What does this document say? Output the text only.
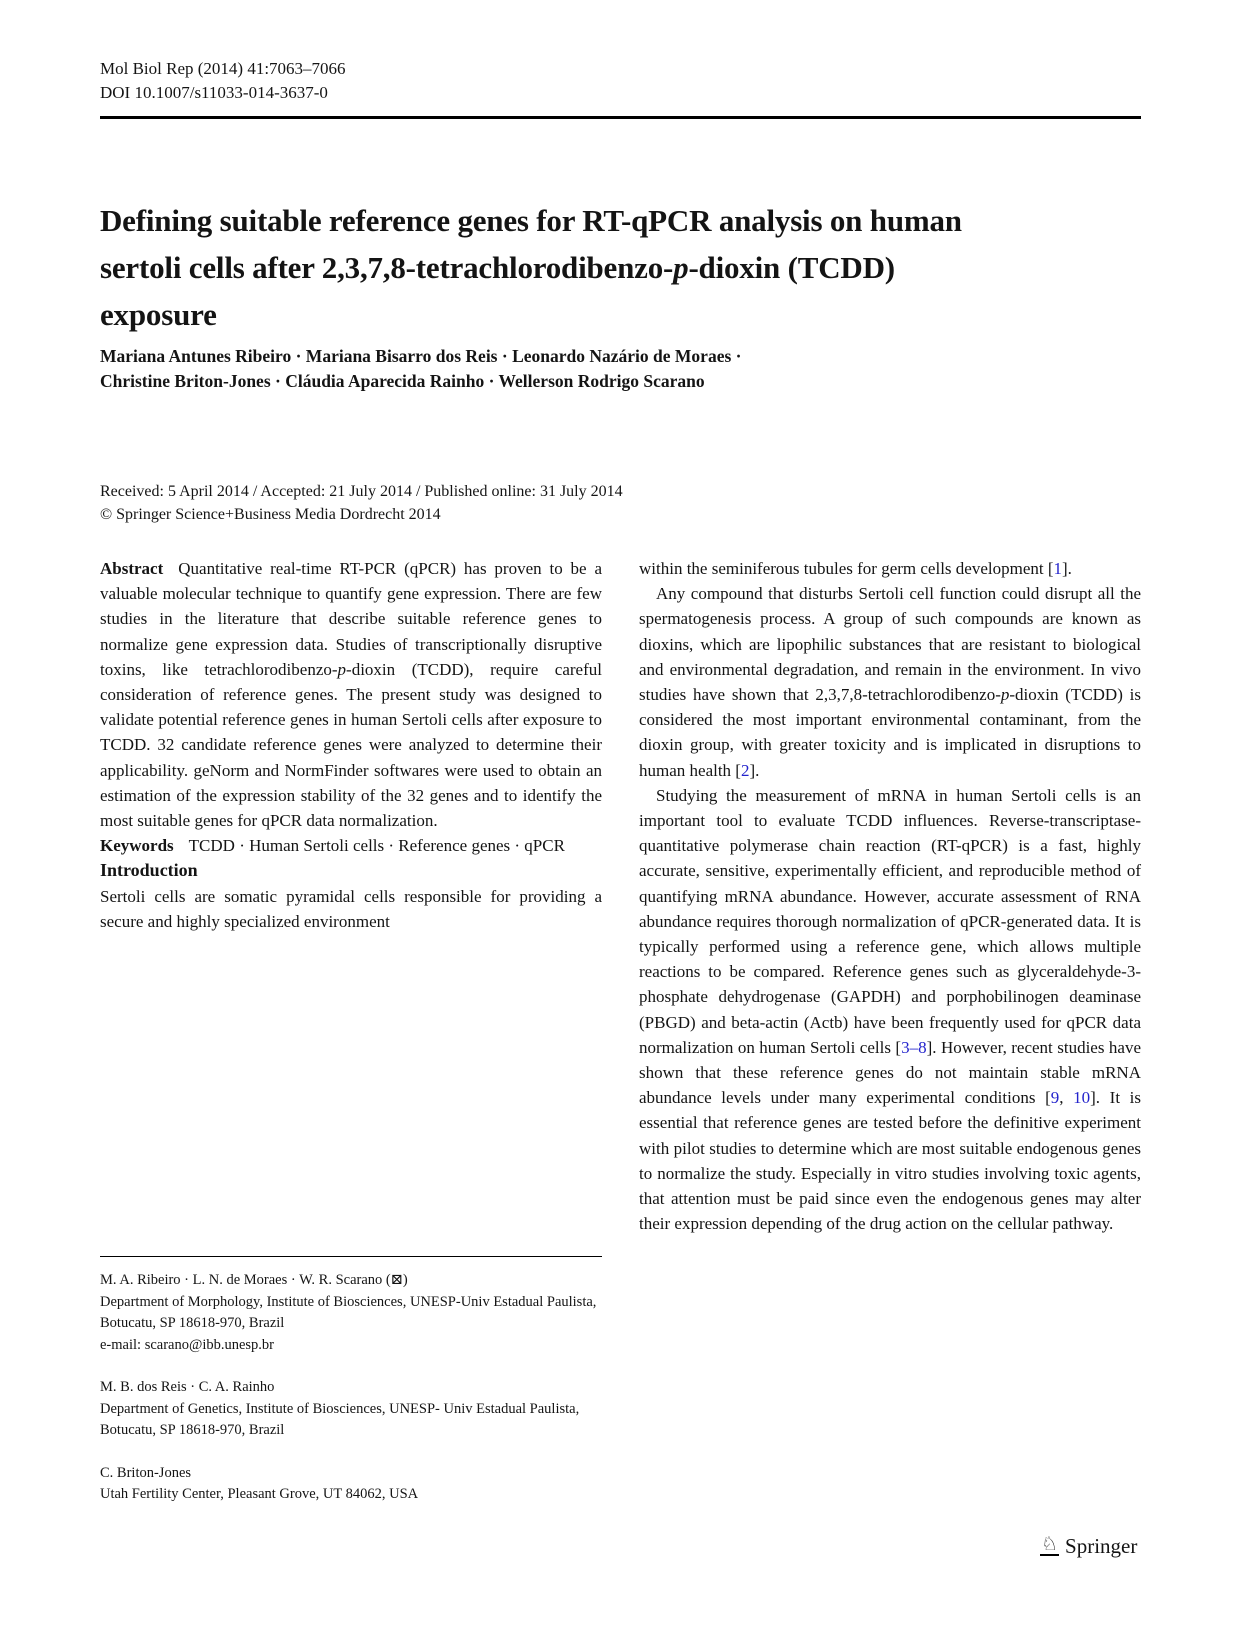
Mol Biol Rep (2014) 41:7063–7066
DOI 10.1007/s11033-014-3637-0
Defining suitable reference genes for RT-qPCR analysis on human
sertoli cells after 2,3,7,8-tetrachlorodibenzo-p-dioxin (TCDD)
exposure
Mariana Antunes Ribeiro · Mariana Bisarro dos Reis · Leonardo Nazário de Moraes ·
Christine Briton-Jones · Cláudia Aparecida Rainho · Wellerson Rodrigo Scarano
Received: 5 April 2014 / Accepted: 21 July 2014 / Published online: 31 July 2014
© Springer Science+Business Media Dordrecht 2014

Abstract Quantitative real-time RT-PCR (qPCR) has proven to be a valuable molecular technique to quantify gene expression. There are few studies in the literature that describe suitable reference genes to normalize gene expression data. Studies of transcriptionally disruptive toxins, like tetrachlorodibenzo-p-dioxin (TCDD), require careful consideration of reference genes. The present study was designed to validate potential reference genes in human Sertoli cells after exposure to TCDD. 32 candidate reference genes were analyzed to determine their applicability. geNorm and NormFinder softwares were used to obtain an estimation of the expression stability of the 32 genes and to identify the most suitable genes for qPCR data normalization.

Keywords TCDD · Human Sertoli cells · Reference genes · qPCR

Introduction

Sertoli cells are somatic pyramidal cells responsible for providing a secure and highly specialized environment

within the seminiferous tubules for germ cells development [1].

Any compound that disturbs Sertoli cell function could disrupt all the spermatogenesis process. A group of such compounds are known as dioxins, which are lipophilic substances that are resistant to biological and environmental degradation, and remain in the environment. In vivo studies have shown that 2,3,7,8-tetrachlorodibenzo-p-dioxin (TCDD) is considered the most important environmental contaminant, from the dioxin group, with greater toxicity and is implicated in disruptions to human health [2].

Studying the measurement of mRNA in human Sertoli cells is an important tool to evaluate TCDD influences. Reverse-transcriptase-quantitative polymerase chain reaction (RT-qPCR) is a fast, highly accurate, sensitive, experimentally efficient, and reproducible method of quantifying mRNA abundance. However, accurate assessment of RNA abundance requires thorough normalization of qPCR-generated data. It is typically performed using a reference gene, which allows multiple reactions to be compared. Reference genes such as glyceraldehyde-3-phosphate dehydrogenase (GAPDH) and porphobilinogen deaminase (PBGD) and beta-actin (Actb) have been frequently used for qPCR data normalization on human Sertoli cells [3–8]. However, recent studies have shown that these reference genes do not maintain stable mRNA abundance levels under many experimental conditions [9, 10]. It is essential that reference genes are tested before the definitive experiment with pilot studies to determine which are most suitable endogenous genes to normalize the study. Especially in vitro studies involving toxic agents, that attention must be paid since even the endogenous genes may alter their expression depending of the drug action on the cellular pathway.

M. A. Ribeiro · L. N. de Moraes · W. R. Scarano (⊠)

Department of Morphology, Institute of Biosciences, UNESP-Univ Estadual Paulista, Botucatu, SP 18618-970, Brazil

e-mail: scarano@ibb.unesp.br

M. B. dos Reis · C. A. Rainho

Department of Genetics, Institute of Biosciences, UNESP- Univ Estadual Paulista, Botucatu, SP 18618-970, Brazil

C. Briton-Jones

Utah Fertility Center, Pleasant Grove, UT 84062, USA

♘ Springer
